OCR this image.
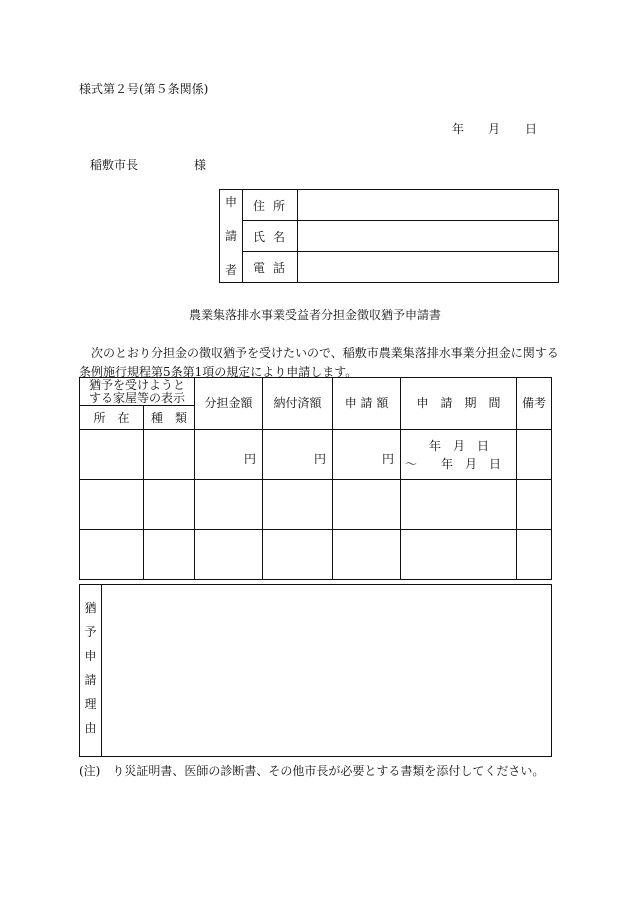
様式第２号(第５条関係)
年 月 日
稲敷市長	様
申

請

者	住所	
	氏名	
	電話	
農業集落排水事業受益者分担金徴収猶予申請書
次のとおり分担金の徴収猶予を受けたいので、稲敷市農業集落排水事業分担金に関する
条例施行規程第5条第1項の規定により申請します。
猶予を受けようと
する家屋等の表示		分担金額	納付済額	申 請 額	申　請　期　間	備考
所　在	種　類					
		円	円	円	年　月　日
～　　年　月　日	

猶
予
申
請
理
由

(注)　り災証明書、医師の診断書、その他市長が必要とする書類を添付してください。
